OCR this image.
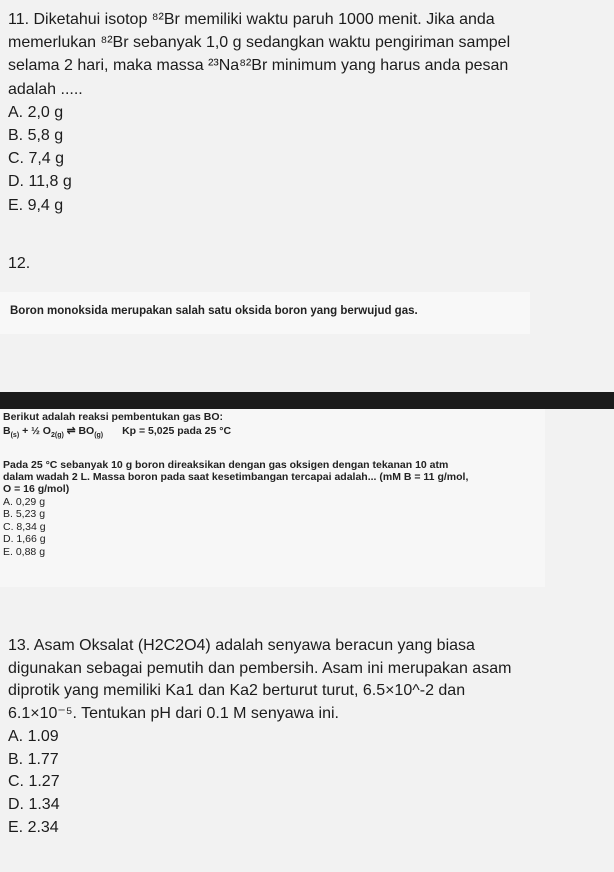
11. Diketahui isotop ⁸²Br memiliki waktu paruh 1000 menit. Jika anda
memerlukan ⁸²Br sebanyak 1,0 g sedangkan waktu pengiriman sampel
selama 2 hari, maka massa ²³Na⁸²Br minimum yang harus anda pesan
adalah .....
A. 2,0 g
B. 5,8 g
C. 7,4 g
D. 11,8 g
E. 9,4 g
12.
Boron monoksida merupakan salah satu oksida boron yang berwujud gas.
Berikut adalah reaksi pembentukan gas BO:
$B_{(s)}$ + ½ $O_{2(g)}$ ⇌ $BO_{(g)}$ Kp = 5,025 pada 25 °C
Pada 25 °C sebanyak 10 g boron direaksikan dengan gas oksigen dengan tekanan 10 atm
dalam wadah 2 L. Massa boron pada saat kesetimbangan tercapai adalah... (mM B = 11 g/mol,
O = 16 g/mol)
A. 0,29 g
B. 5,23 g
C. 8,34 g
D. 1,66 g
E. 0,88 g
13. Asam Oksalat (H2C2O4) adalah senyawa beracun yang biasa
digunakan sebagai pemutih dan pembersih. Asam ini merupakan asam
diprotik yang memiliki Ka1 dan Ka2 berturut turut, 6.5×10^-2 dan
6.1×10⁻⁵. Tentukan pH dari 0.1 M senyawa ini.
A. 1.09
B. 1.77
C. 1.27
D. 1.34
E. 2.34
